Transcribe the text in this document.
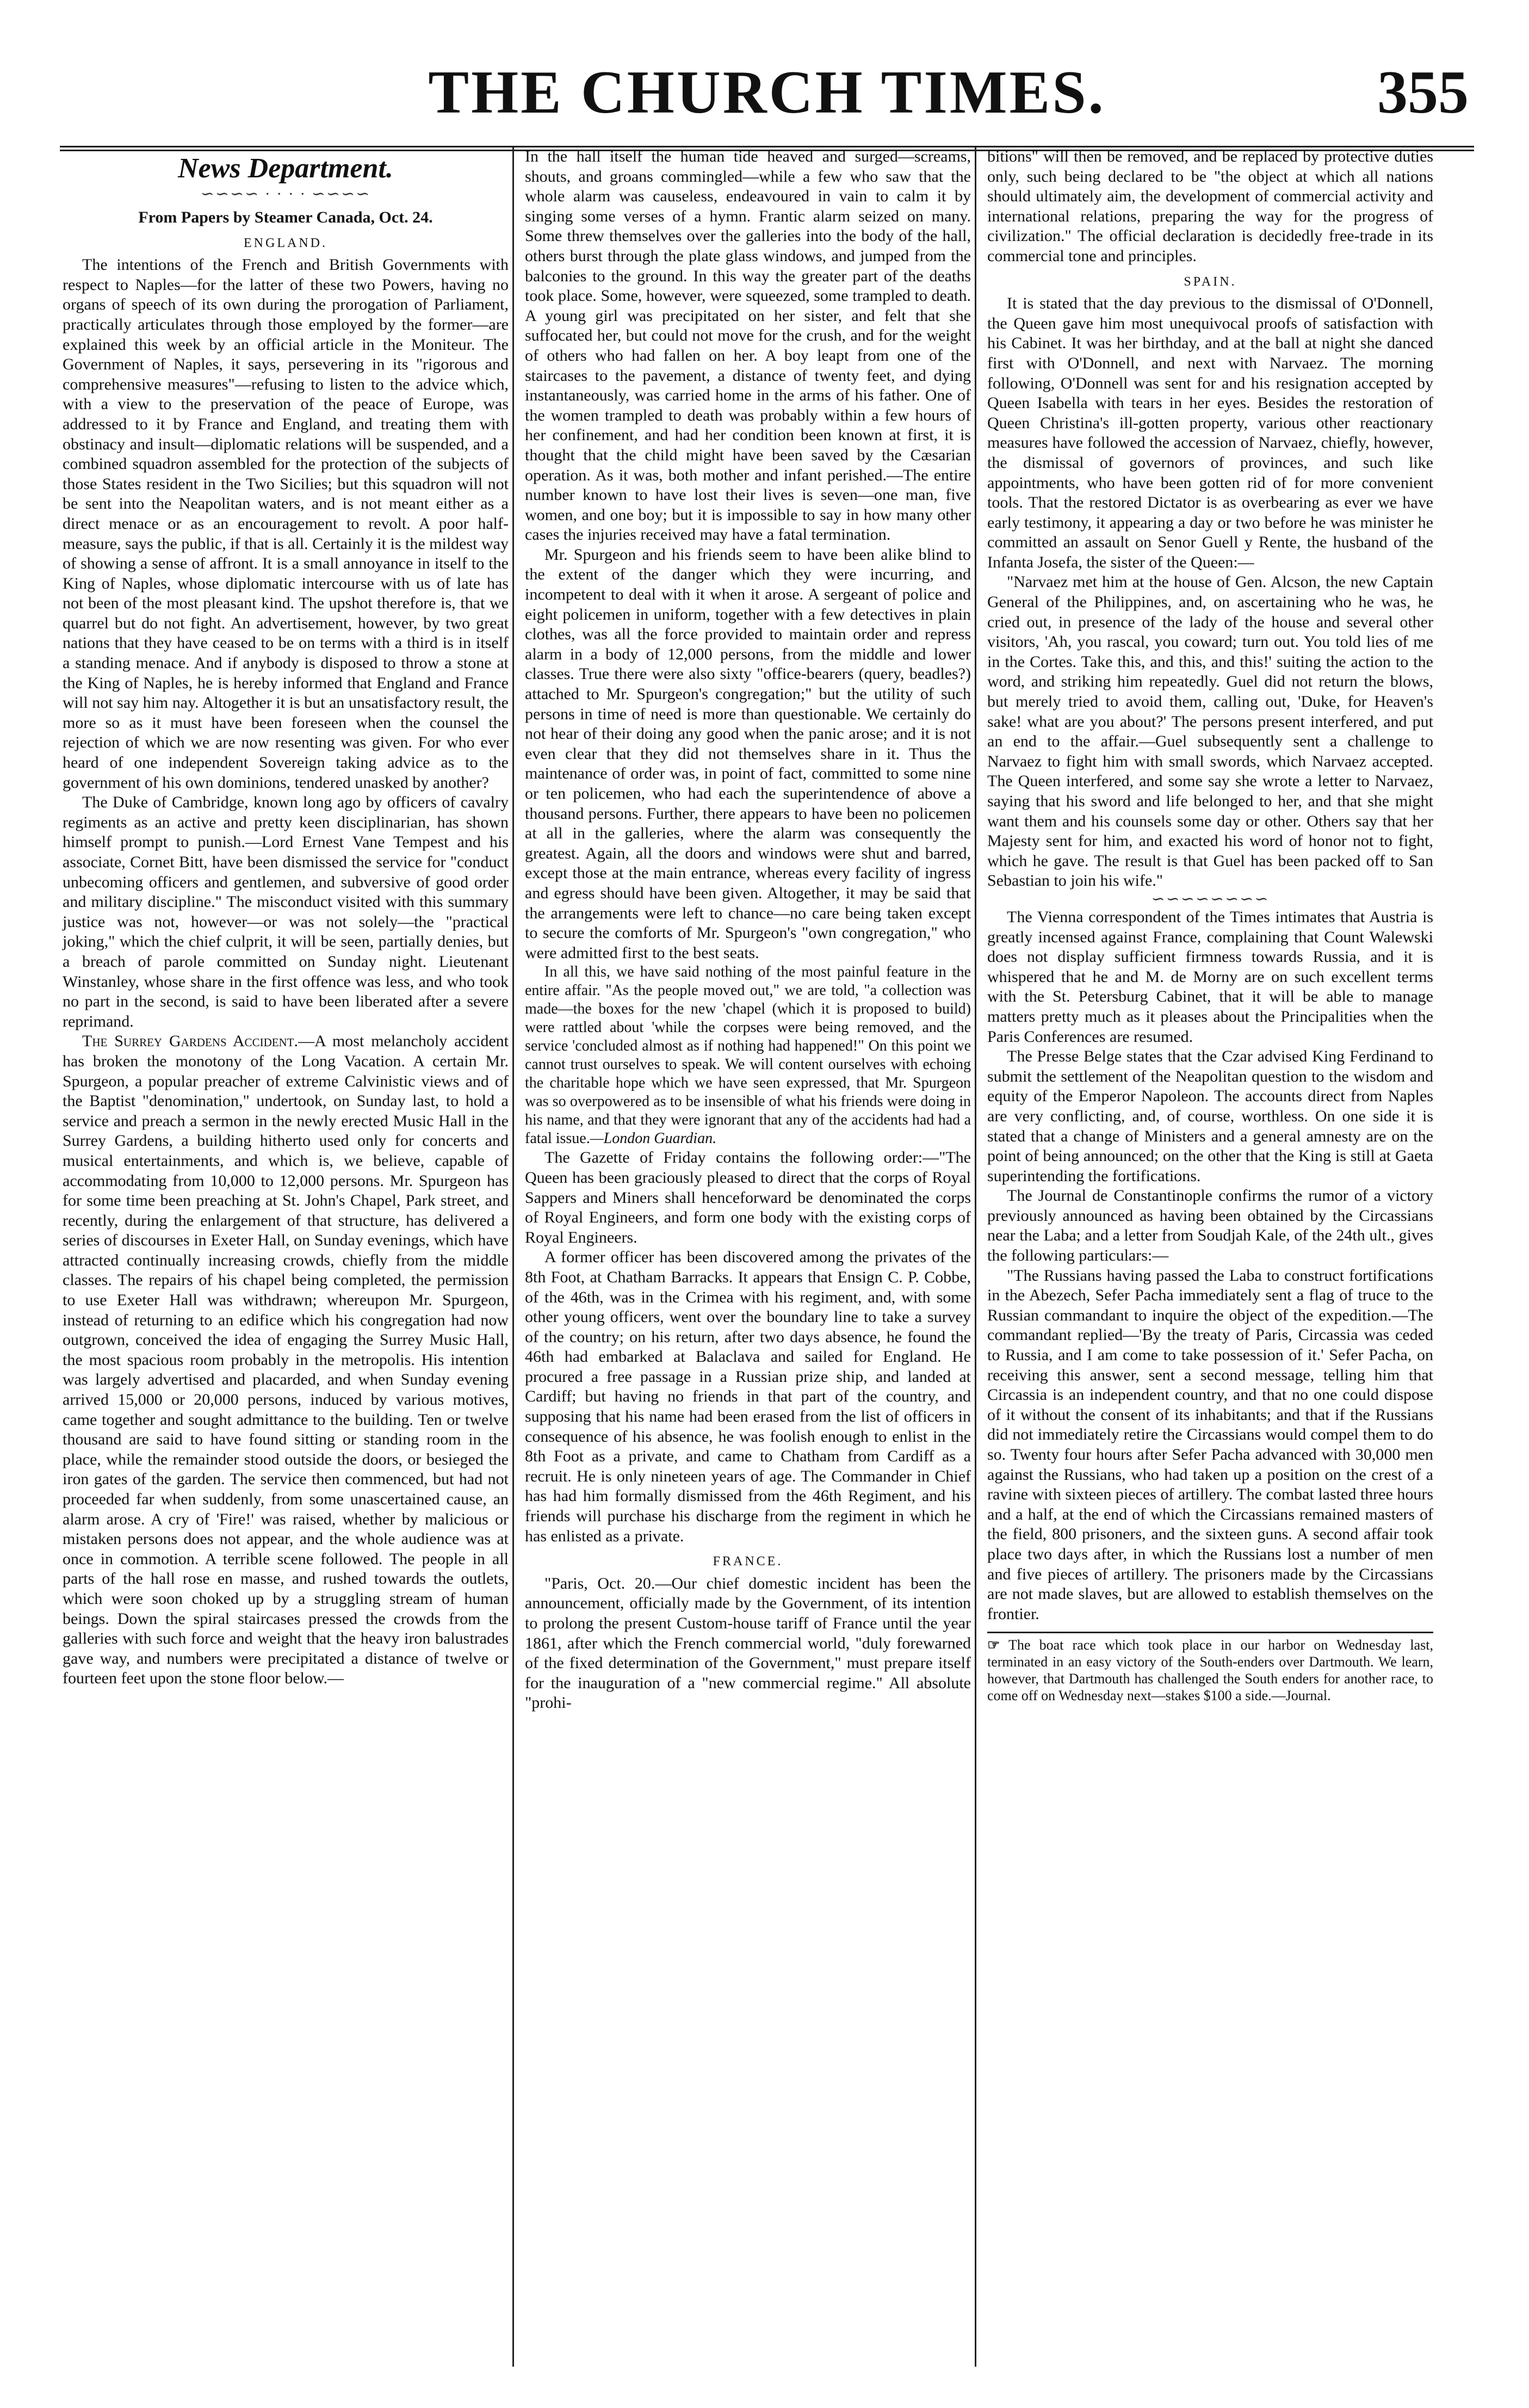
THE CHURCH TIMES.	355

News Department.

∽∽∽∽ · · · · ∽∽∽∽

From Papers by Steamer Canada, Oct. 24.

ENGLAND.

The intentions of the French and British Governments with respect to Naples—for the latter of these two Powers, having no organs of speech of its own during the prorogation of Parliament, practically articulates through those employed by the former—are explained this week by an official article in the Moniteur. The Government of Naples, it says, persevering in its "rigorous and comprehensive measures"—refusing to listen to the advice which, with a view to the preservation of the peace of Europe, was addressed to it by France and England, and treating them with obstinacy and insult—diplomatic relations will be suspended, and a combined squadron assembled for the protection of the subjects of those States resident in the Two Sicilies; but this squadron will not be sent into the Neapolitan waters, and is not meant either as a direct menace or as an encouragement to revolt. A poor half-measure, says the public, if that is all. Certainly it is the mildest way of showing a sense of affront. It is a small annoyance in itself to the King of Naples, whose diplomatic intercourse with us of late has not been of the most pleasant kind. The upshot therefore is, that we quarrel but do not fight. An advertisement, however, by two great nations that they have ceased to be on terms with a third is in itself a standing menace. And if anybody is disposed to throw a stone at the King of Naples, he is hereby informed that England and France will not say him nay. Altogether it is but an unsatisfactory result, the more so as it must have been foreseen when the counsel the rejection of which we are now resenting was given. For who ever heard of one independent Sovereign taking advice as to the government of his own dominions, tendered unasked by another?

The Duke of Cambridge, known long ago by officers of cavalry regiments as an active and pretty keen disciplinarian, has shown himself prompt to punish.—Lord Ernest Vane Tempest and his associate, Cornet Bitt, have been dismissed the service for "conduct unbecoming officers and gentlemen, and subversive of good order and military discipline." The misconduct visited with this summary justice was not, however—or was not solely—the "practical joking," which the chief culprit, it will be seen, partially denies, but a breach of parole committed on Sunday night. Lieutenant Winstanley, whose share in the first offence was less, and who took no part in the second, is said to have been liberated after a severe reprimand.

The Surrey Gardens Accident.—A most melancholy accident has broken the monotony of the Long Vacation. A certain Mr. Spurgeon, a popular preacher of extreme Calvinistic views and of the Baptist "denomination," undertook, on Sunday last, to hold a service and preach a sermon in the newly erected Music Hall in the Surrey Gardens, a building hitherto used only for concerts and musical entertainments, and which is, we believe, capable of accommodating from 10,000 to 12,000 persons. Mr. Spurgeon has for some time been preaching at St. John's Chapel, Park street, and recently, during the enlargement of that structure, has delivered a series of discourses in Exeter Hall, on Sunday evenings, which have attracted continually increasing crowds, chiefly from the middle classes. The repairs of his chapel being completed, the permission to use Exeter Hall was withdrawn; whereupon Mr. Spurgeon, instead of returning to an edifice which his congregation had now outgrown, conceived the idea of engaging the Surrey Music Hall, the most spacious room probably in the metropolis. His intention was largely advertised and placarded, and when Sunday evening arrived 15,000 or 20,000 persons, induced by various motives, came together and sought admittance to the building. Ten or twelve thousand are said to have found sitting or standing room in the place, while the remainder stood outside the doors, or besieged the iron gates of the garden. The service then commenced, but had not proceeded far when suddenly, from some unascertained cause, an alarm arose. A cry of 'Fire!' was raised, whether by malicious or mistaken persons does not appear, and the whole audience was at once in commotion. A terrible scene followed. The people in all parts of the hall rose en masse, and rushed towards the outlets, which were soon choked up by a struggling stream of human beings. Down the spiral staircases pressed the crowds from the galleries with such force and weight that the heavy iron balustrades gave way, and numbers were precipitated a distance of twelve or fourteen feet upon the stone floor below.—

In the hall itself the human tide heaved and surged—screams, shouts, and groans commingled—while a few who saw that the whole alarm was causeless, endeavoured in vain to calm it by singing some verses of a hymn. Frantic alarm seized on many. Some threw themselves over the galleries into the body of the hall, others burst through the plate glass windows, and jumped from the balconies to the ground. In this way the greater part of the deaths took place. Some, however, were squeezed, some trampled to death. A young girl was precipitated on her sister, and felt that she suffocated her, but could not move for the crush, and for the weight of others who had fallen on her. A boy leapt from one of the staircases to the pavement, a distance of twenty feet, and dying instantaneously, was carried home in the arms of his father. One of the women trampled to death was probably within a few hours of her confinement, and had her condition been known at first, it is thought that the child might have been saved by the Cæsarian operation. As it was, both mother and infant perished.—The entire number known to have lost their lives is seven—one man, five women, and one boy; but it is impossible to say in how many other cases the injuries received may have a fatal termination.

Mr. Spurgeon and his friends seem to have been alike blind to the extent of the danger which they were incurring, and incompetent to deal with it when it arose. A sergeant of police and eight policemen in uniform, together with a few detectives in plain clothes, was all the force provided to maintain order and repress alarm in a body of 12,000 persons, from the middle and lower classes. True there were also sixty "office-bearers (query, beadles?) attached to Mr. Spurgeon's congregation;" but the utility of such persons in time of need is more than questionable. We certainly do not hear of their doing any good when the panic arose; and it is not even clear that they did not themselves share in it. Thus the maintenance of order was, in point of fact, committed to some nine or ten policemen, who had each the superintendence of above a thousand persons. Further, there appears to have been no policemen at all in the galleries, where the alarm was consequently the greatest. Again, all the doors and windows were shut and barred, except those at the main entrance, whereas every facility of ingress and egress should have been given. Altogether, it may be said that the arrangements were left to chance—no care being taken except to secure the comforts of Mr. Spurgeon's "own congregation," who were admitted first to the best seats.

In all this, we have said nothing of the most painful feature in the entire affair. "As the people moved out," we are told, "a collection was made—the boxes for the new 'chapel (which it is proposed to build) were rattled about 'while the corpses were being removed, and the service 'concluded almost as if nothing had happened!" On this point we cannot trust ourselves to speak. We will content ourselves with echoing the charitable hope which we have seen expressed, that Mr. Spurgeon was so overpowered as to be insensible of what his friends were doing in his name, and that they were ignorant that any of the accidents had had a fatal issue.—London Guardian.

The Gazette of Friday contains the following order:—"The Queen has been graciously pleased to direct that the corps of Royal Sappers and Miners shall henceforward be denominated the corps of Royal Engineers, and form one body with the existing corps of Royal Engineers.

A former officer has been discovered among the privates of the 8th Foot, at Chatham Barracks. It appears that Ensign C. P. Cobbe, of the 46th, was in the Crimea with his regiment, and, with some other young officers, went over the boundary line to take a survey of the country; on his return, after two days absence, he found the 46th had embarked at Balaclava and sailed for England. He procured a free passage in a Russian prize ship, and landed at Cardiff; but having no friends in that part of the country, and supposing that his name had been erased from the list of officers in consequence of his absence, he was foolish enough to enlist in the 8th Foot as a private, and came to Chatham from Cardiff as a recruit. He is only nineteen years of age. The Commander in Chief has had him formally dismissed from the 46th Regiment, and his friends will purchase his discharge from the regiment in which he has enlisted as a private.

FRANCE.

"Paris, Oct. 20.—Our chief domestic incident has been the announcement, officially made by the Government, of its intention to prolong the present Custom-house tariff of France until the year 1861, after which the French commercial world, "duly forewarned of the fixed determination of the Government," must prepare itself for the inauguration of a "new commercial regime." All absolute "prohi-

bitions" will then be removed, and be replaced by protective duties only, such being declared to be "the object at which all nations should ultimately aim, the development of commercial activity and international relations, preparing the way for the progress of civilization." The official declaration is decidedly free-trade in its commercial tone and principles.

SPAIN.

It is stated that the day previous to the dismissal of O'Donnell, the Queen gave him most unequivocal proofs of satisfaction with his Cabinet. It was her birthday, and at the ball at night she danced first with O'Donnell, and next with Narvaez. The morning following, O'Donnell was sent for and his resignation accepted by Queen Isabella with tears in her eyes. Besides the restoration of Queen Christina's ill-gotten property, various other reactionary measures have followed the accession of Narvaez, chiefly, however, the dismissal of governors of provinces, and such like appointments, who have been gotten rid of for more convenient tools. That the restored Dictator is as overbearing as ever we have early testimony, it appearing a day or two before he was minister he committed an assault on Senor Guell y Rente, the husband of the Infanta Josefa, the sister of the Queen:—

"Narvaez met him at the house of Gen. Alcson, the new Captain General of the Philippines, and, on ascertaining who he was, he cried out, in presence of the lady of the house and several other visitors, 'Ah, you rascal, you coward; turn out. You told lies of me in the Cortes. Take this, and this, and this!' suiting the action to the word, and striking him repeatedly. Guel did not return the blows, but merely tried to avoid them, calling out, 'Duke, for Heaven's sake! what are you about?' The persons present interfered, and put an end to the affair.—Guel subsequently sent a challenge to Narvaez to fight him with small swords, which Narvaez accepted. The Queen interfered, and some say she wrote a letter to Narvaez, saying that his sword and life belonged to her, and that she might want them and his counsels some day or other. Others say that her Majesty sent for him, and exacted his word of honor not to fight, which he gave. The result is that Guel has been packed off to San Sebastian to join his wife."

∽∽∽∽∽∽∽∽

The Vienna correspondent of the Times intimates that Austria is greatly incensed against France, complaining that Count Walewski does not display sufficient firmness towards Russia, and it is whispered that he and M. de Morny are on such excellent terms with the St. Petersburg Cabinet, that it will be able to manage matters pretty much as it pleases about the Principalities when the Paris Conferences are resumed.

The Presse Belge states that the Czar advised King Ferdinand to submit the settlement of the Neapolitan question to the wisdom and equity of the Emperor Napoleon. The accounts direct from Naples are very conflicting, and, of course, worthless. On one side it is stated that a change of Ministers and a general amnesty are on the point of being announced; on the other that the King is still at Gaeta superintending the fortifications.

The Journal de Constantinople confirms the rumor of a victory previously announced as having been obtained by the Circassians near the Laba; and a letter from Soudjah Kale, of the 24th ult., gives the following particulars:—

"The Russians having passed the Laba to construct fortifications in the Abezech, Sefer Pacha immediately sent a flag of truce to the Russian commandant to inquire the object of the expedition.—The commandant replied—'By the treaty of Paris, Circassia was ceded to Russia, and I am come to take possession of it.' Sefer Pacha, on receiving this answer, sent a second message, telling him that Circassia is an independent country, and that no one could dispose of it without the consent of its inhabitants; and that if the Russians did not immediately retire the Circassians would compel them to do so. Twenty four hours after Sefer Pacha advanced with 30,000 men against the Russians, who had taken up a position on the crest of a ravine with sixteen pieces of artillery. The combat lasted three hours and a half, at the end of which the Circassians remained masters of the field, 800 prisoners, and the sixteen guns. A second affair took place two days after, in which the Russians lost a number of men and five pieces of artillery. The prisoners made by the Circassians are not made slaves, but are allowed to establish themselves on the frontier.

☞ The boat race which took place in our harbor on Wednesday last, terminated in an easy victory of the South-enders over Dartmouth. We learn, however, that Dartmouth has challenged the South enders for another race, to come off on Wednesday next—stakes $100 a side.—Journal.
